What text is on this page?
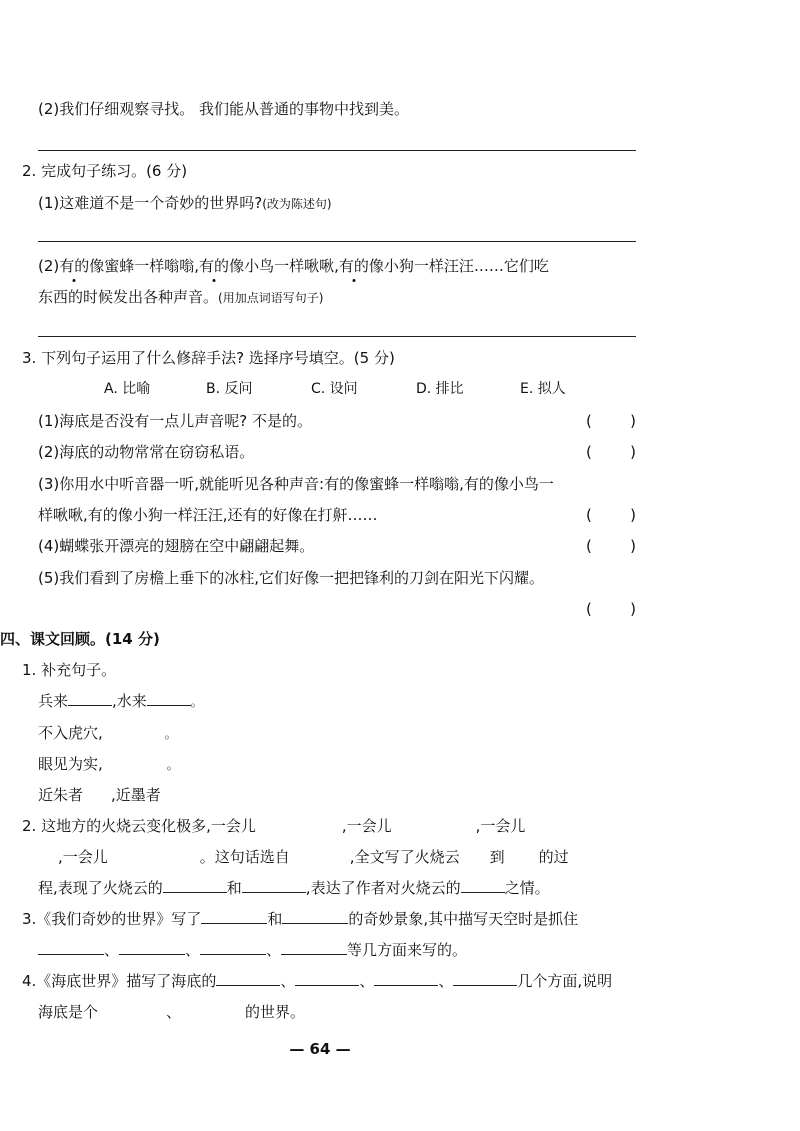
(2)我们仔细观察寻找。 我们能从普通的事物中找到美。
2. 完成句子练习。(6 分)
(1)这难道不是一个奇妙的世界吗?(改为陈述句)
(2)有的像蜜蜂一样嗡嗡,有的像小鸟一样啾啾,有的像小狗一样汪汪……它们吃
东西的时候发出各种声音。(用加点词语写句子)
3. 下列句子运用了什么修辞手法? 选择序号填空。(5 分)
A. 比喻	B. 反问	C. 设问	D. 排比	E. 拟人
(1)海底是否没有一点儿声音呢? 不是的。	(	)
(2)海底的动物常常在窃窃私语。	(	)
(3)你用水中听音器一听,就能听见各种声音:有的像蜜蜂一样嗡嗡,有的像小鸟一
样啾啾,有的像小狗一样汪汪,还有的好像在打鼾……	(	)
(4)蝴蝶张开漂亮的翅膀在空中翩翩起舞。	(	)
(5)我们看到了房檐上垂下的冰柱,它们好像一把把锋利的刀剑在阳光下闪耀。
(	)
四、课文回顾。(14 分)
1. 补充句子。
兵来	,水来	。
不入虎穴,	。
眼见为实,	。
近朱者 ,近墨者
2. 这地方的火烧云变化极多,一会儿	,一会儿	,一会儿
,一会儿	。这句话选自	,全文写了火烧云 到 的过
程,表现了火烧云的	和	,表达了作者对火烧云的	之情。
3.《我们奇妙的世界》写了	和	的奇妙景象,其中描写天空时是抓住
、	、	、	等几方面来写的。
4.《海底世界》描写了海底的	、	、	、	几个方面,说明
海底是个	、	的世界。
— 64 —
